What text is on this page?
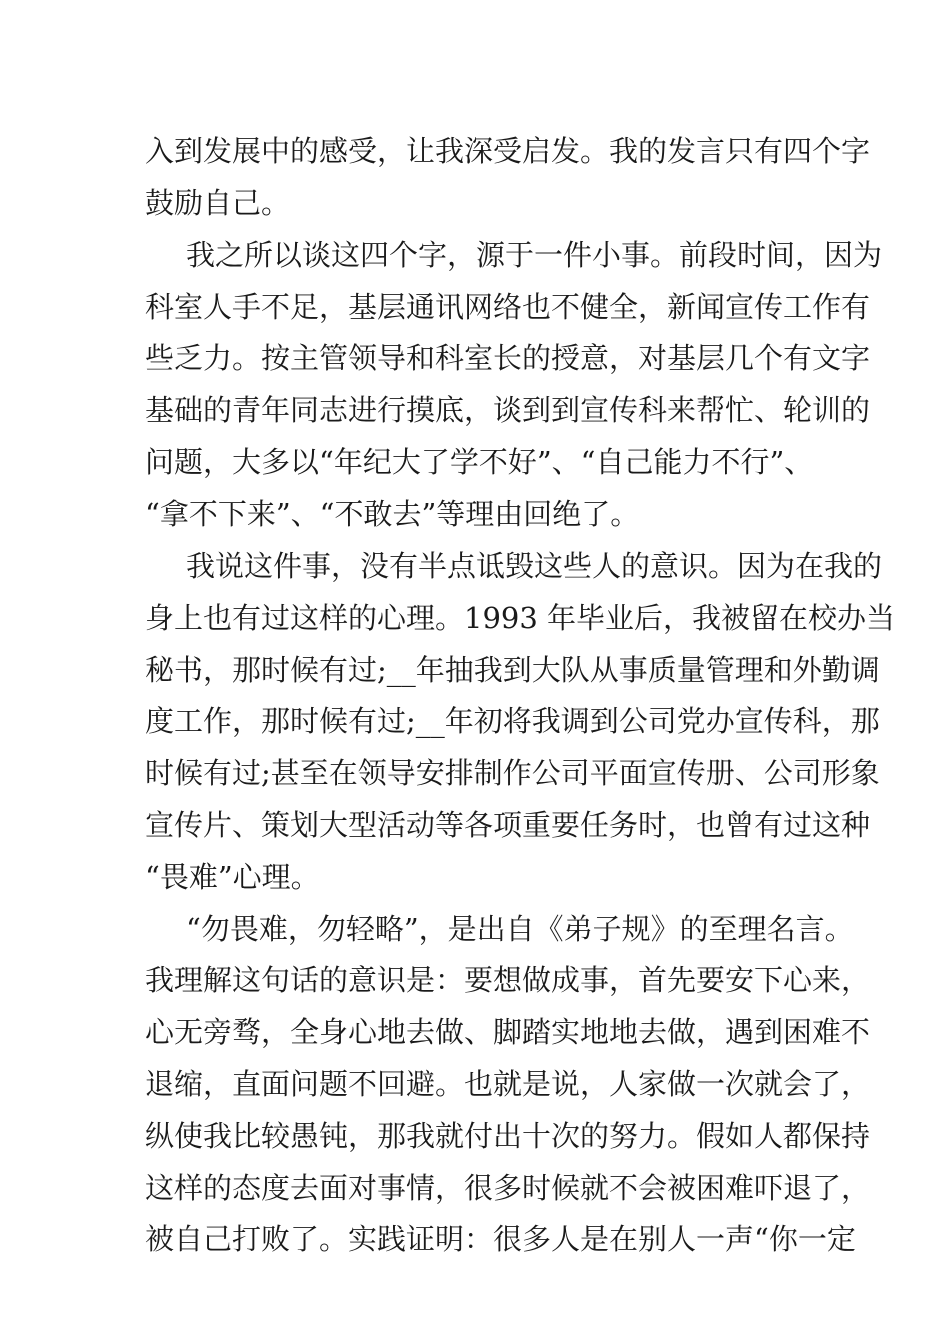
入到发展中的感受，让我深受启发。我的发言只有四个字
鼓励自己。
我之所以谈这四个字，源于一件小事。前段时间，因为
科室人手不足，基层通讯网络也不健全，新闻宣传工作有
些乏力。按主管领导和科室长的授意，对基层几个有文字
基础的青年同志进行摸底，谈到到宣传科来帮忙、轮训的
问题，大多以“年纪大了学不好”、“自己能力不行”、
“拿不下来”、“不敢去”等理由回绝了。
我说这件事，没有半点诋毁这些人的意识。因为在我的
身上也有过这样的心理。1993 年毕业后，我被留在校办当
秘书，那时候有过;__年抽我到大队从事质量管理和外勤调
度工作，那时候有过;__年初将我调到公司党办宣传科，那
时候有过;甚至在领导安排制作公司平面宣传册、公司形象
宣传片、策划大型活动等各项重要任务时，也曾有过这种
“畏难”心理。
“勿畏难，勿轻略”，是出自《弟子规》的至理名言。
我理解这句话的意识是：要想做成事，首先要安下心来，
心无旁骛，全身心地去做、脚踏实地地去做，遇到困难不
退缩，直面问题不回避。也就是说，人家做一次就会了，
纵使我比较愚钝，那我就付出十次的努力。假如人都保持
这样的态度去面对事情，很多时候就不会被困难吓退了，
被自己打败了。实践证明：很多人是在别人一声“你一定
